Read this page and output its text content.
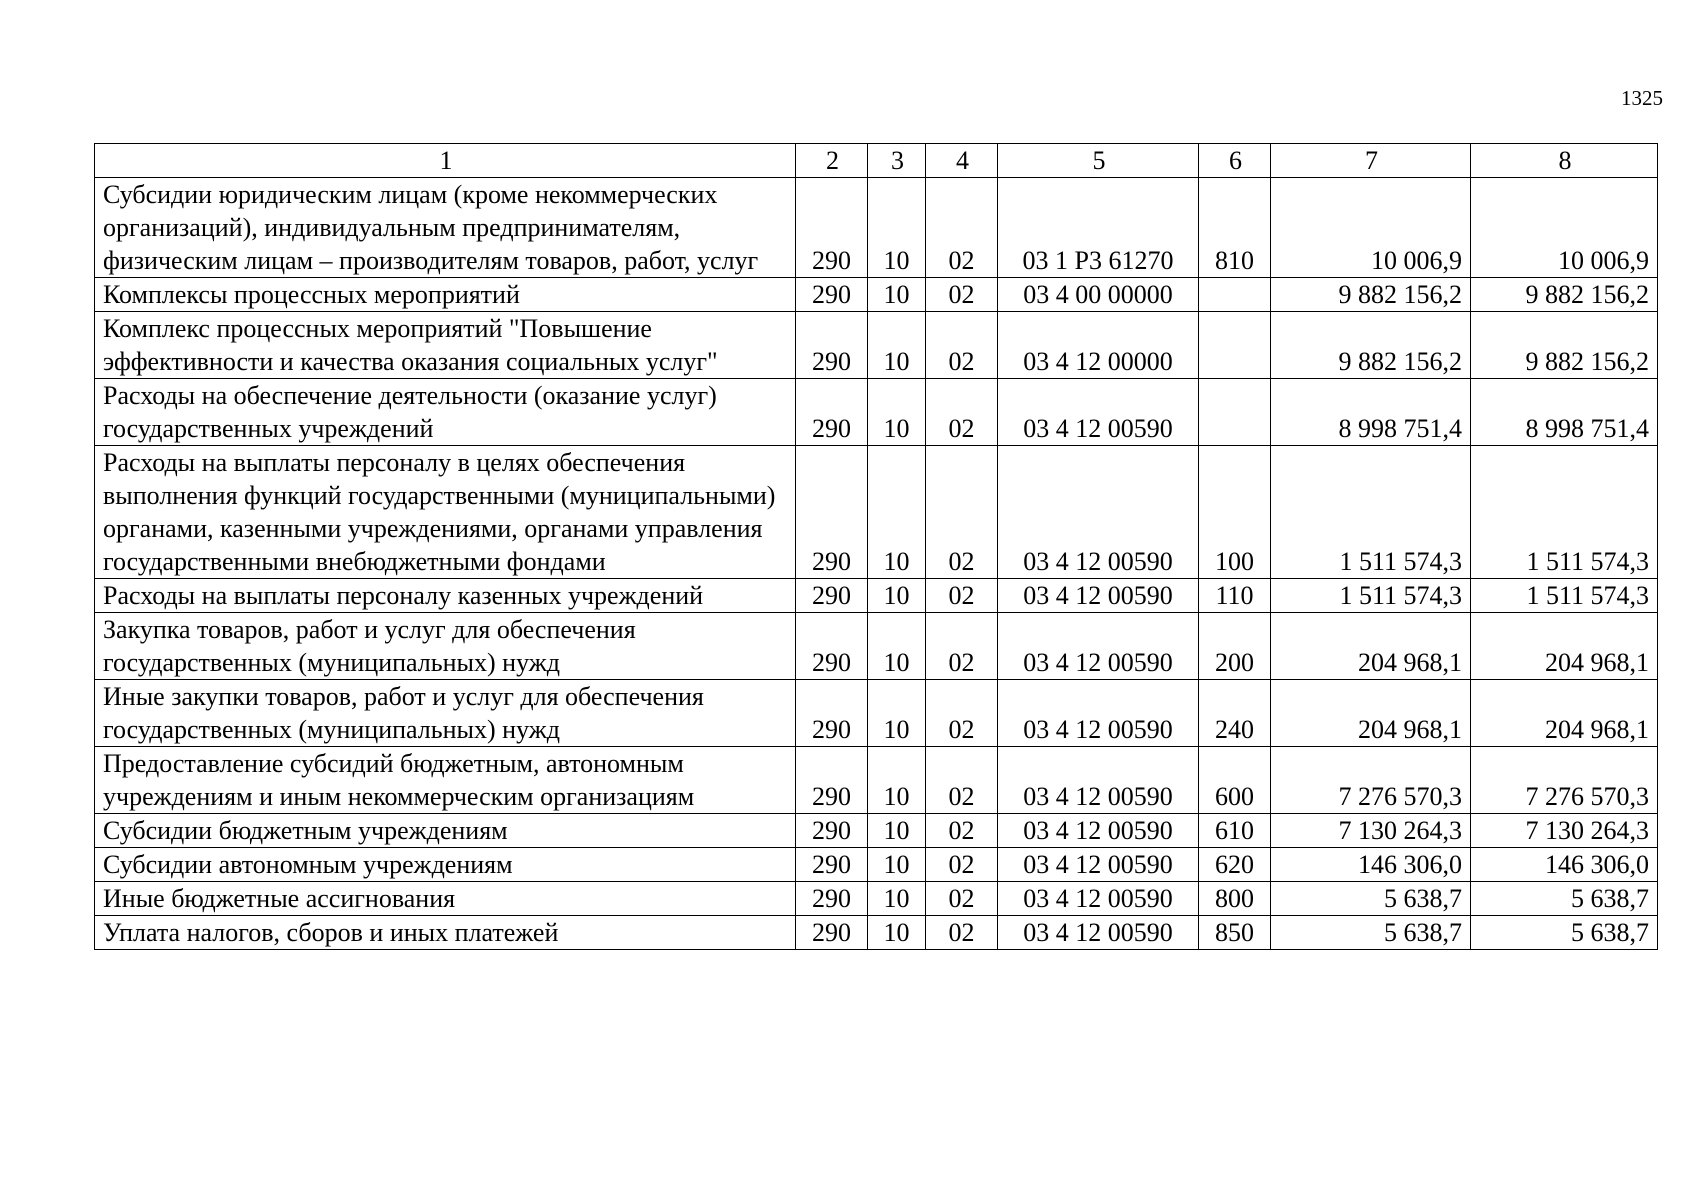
1325
1	2	3	4	5	6	7	8
Субсидии юридическим лицам (кроме некоммерческих организаций), индивидуальным предпринимателям, физическим лицам – производителям товаров, работ, услуг	290	10	02	03 1 Р3 61270	810	10 006,9	10 006,9
Комплексы процессных мероприятий	290	10	02	03 4 00 00000		9 882 156,2	9 882 156,2
Комплекс процессных мероприятий "Повышение эффективности и качества оказания социальных услуг"	290	10	02	03 4 12 00000		9 882 156,2	9 882 156,2
Расходы на обеспечение деятельности (оказание услуг) государственных учреждений	290	10	02	03 4 12 00590		8 998 751,4	8 998 751,4
Расходы на выплаты персоналу в целях обеспечения выполнения функций государственными (муниципальными) органами, казенными учреждениями, органами управления государственными внебюджетными фондами	290	10	02	03 4 12 00590	100	1 511 574,3	1 511 574,3
Расходы на выплаты персоналу казенных учреждений	290	10	02	03 4 12 00590	110	1 511 574,3	1 511 574,3
Закупка товаров, работ и услуг для обеспечения государственных (муниципальных) нужд	290	10	02	03 4 12 00590	200	204 968,1	204 968,1
Иные закупки товаров, работ и услуг для обеспечения государственных (муниципальных) нужд	290	10	02	03 4 12 00590	240	204 968,1	204 968,1
Предоставление субсидий бюджетным, автономным учреждениям и иным некоммерческим организациям	290	10	02	03 4 12 00590	600	7 276 570,3	7 276 570,3
Субсидии бюджетным учреждениям	290	10	02	03 4 12 00590	610	7 130 264,3	7 130 264,3
Субсидии автономным учреждениям	290	10	02	03 4 12 00590	620	146 306,0	146 306,0
Иные бюджетные ассигнования	290	10	02	03 4 12 00590	800	5 638,7	5 638,7
Уплата налогов, сборов и иных платежей	290	10	02	03 4 12 00590	850	5 638,7	5 638,7
